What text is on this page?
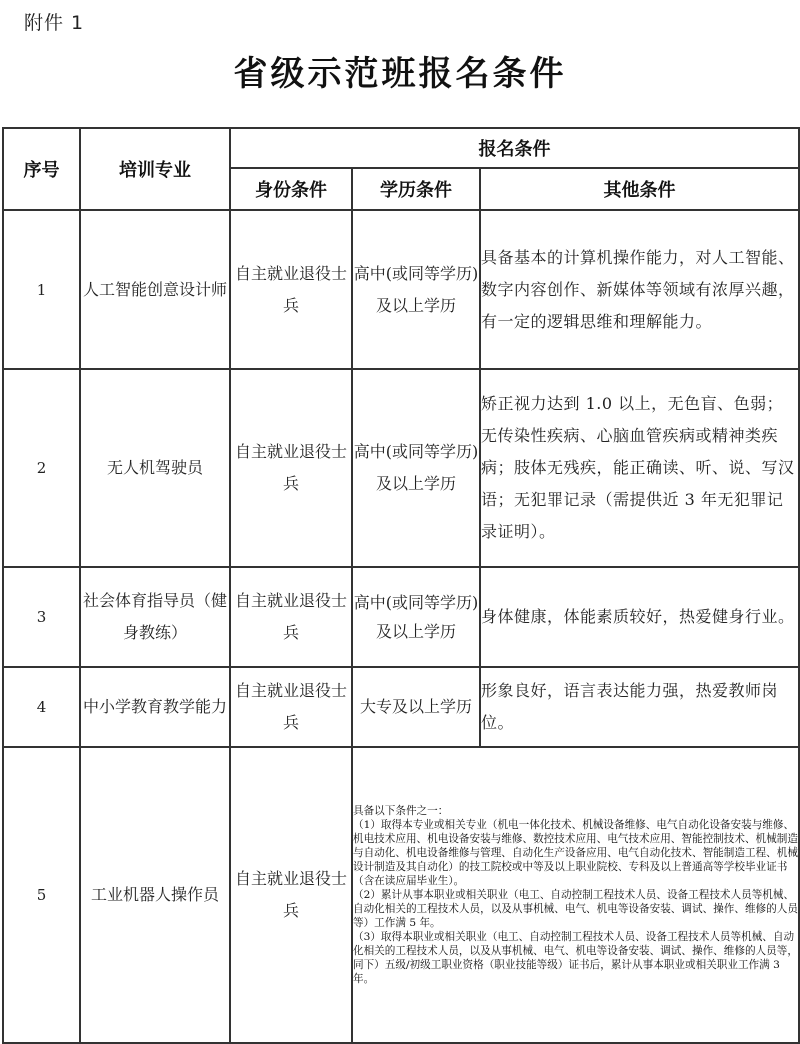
附件 1
省级示范班报名条件
序号	培训专业	报名条件		
		身份条件	学历条件	其他条件
1	人工智能创意设计师	自主就业退役士兵	高中(或同等学历)及以上学历	具备基本的计算机操作能力，对人工智能、数字内容创作、新媒体等领域有浓厚兴趣，有一定的逻辑思维和理解能力。
2	无人机驾驶员	自主就业退役士兵	高中(或同等学历)及以上学历	矫正视力达到 1.0 以上，无色盲、色弱；无传染性疾病、心脑血管疾病或精神类疾病；肢体无残疾，能正确读、听、说、写汉语；无犯罪记录（需提供近 3 年无犯罪记录证明）。
3	社会体育指导员（健身教练）	自主就业退役士兵	高中(或同等学历)及以上学历	身体健康，体能素质较好，热爱健身行业。
4	中小学教育教学能力	自主就业退役士兵	大专及以上学历	形象良好，语言表达能力强，热爱教师岗位。
5	工业机器人操作员	自主就业退役士兵	具备以下条件之一：

（1）取得本专业或相关专业（机电一体化技术、机械设备维修、电气自动化设备安装与维修、机电技术应用、机电设备安装与维修、数控技术应用、电气技术应用、智能控制技术、机械制造与自动化、机电设备维修与管理、自动化生产设备应用、电气自动化技术、智能制造工程、机械设计制造及其自动化）的技工院校或中等及以上职业院校、专科及以上普通高等学校毕业证书（含在读应届毕业生）。

（2）累计从事本职业或相关职业（电工、自动控制工程技术人员、设备工程技术人员等机械、自动化相关的工程技术人员，以及从事机械、电气、机电等设备安装、调试、操作、维修的人员等）工作满 5 年。

（3）取得本职业或相关职业（电工、自动控制工程技术人员、设备工程技术人员等机械、自动化相关的工程技术人员，以及从事机械、电气、机电等设备安装、调试、操作、维修的人员等，同下）五级/初级工职业资格（职业技能等级）证书后，累计从事本职业或相关职业工作满 3 年。	
